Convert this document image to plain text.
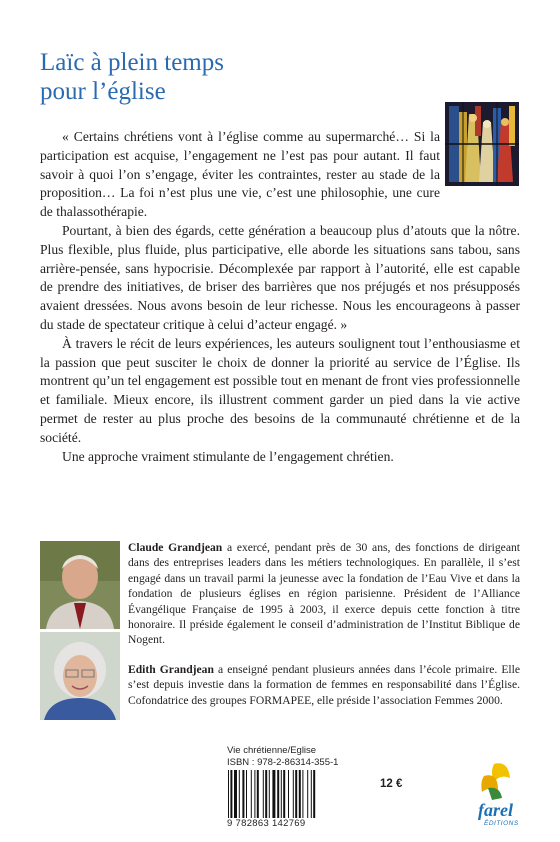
Laïc à plein temps
pour l’église

« Certains chrétiens vont à l’église comme au supermarché… Si la participation est acquise, l’engagement ne l’est pas pour autant. Il faut savoir à quoi l’on s’engage, éviter les contraintes, rester au stade de la proposition… La foi n’est plus une vie, c’est une philosophie, une cure de thalassothérapie.

Pourtant, à bien des égards, cette génération a beaucoup plus d’atouts que la nôtre. Plus flexible, plus fluide, plus participative, elle aborde les situations sans tabou, sans arrière-pensée, sans hypocrisie. Décomplexée par rapport à l’autorité, elle est capable de prendre des initiatives, de briser des barrières que nos préjugés et nos présupposés avaient dressées. Nous avons besoin de leur richesse. Nous les encourageons à passer du stade de spectateur critique à celui d’acteur engagé. »

À travers le récit de leurs expériences, les auteurs soulignent tout l’enthousiasme et la passion que peut susciter le choix de donner la priorité au service de l’Église. Ils montrent qu’un tel engagement est possible tout en menant de front vies professionnelle et familiale. Mieux encore, ils illustrent comment garder un pied dans la vie active permet de rester au plus proche des besoins de la communauté chrétienne et de la société.

Une approche vraiment stimulante de l’engagement chrétien.

Claude Grandjean a exercé, pendant près de 30 ans, des fonctions de dirigeant dans des entreprises leaders dans les métiers technologiques. En parallèle, il s’est engagé dans un travail parmi la jeunesse avec la fondation de l’Eau Vive et dans la fondation de plusieurs églises en région parisienne. Président de l’Alliance Évangélique Française de 1995 à 2003, il exerce depuis cette fonction à titre honoraire. Il préside également le conseil d’administration de l’Institut Biblique de Nogent.
Edith Grandjean a enseigné pendant plusieurs années dans l’école primaire. Elle s’est depuis investie dans la formation de femmes en responsabilité dans l’Église. Cofondatrice des groupes FORMAPEE, elle préside l’association Femmes 2000.
Vie chrétienne/Eglise
ISBN : 978-2-86314-355-1
9 782863 142769
12 €
farel
ÉDITIONS
